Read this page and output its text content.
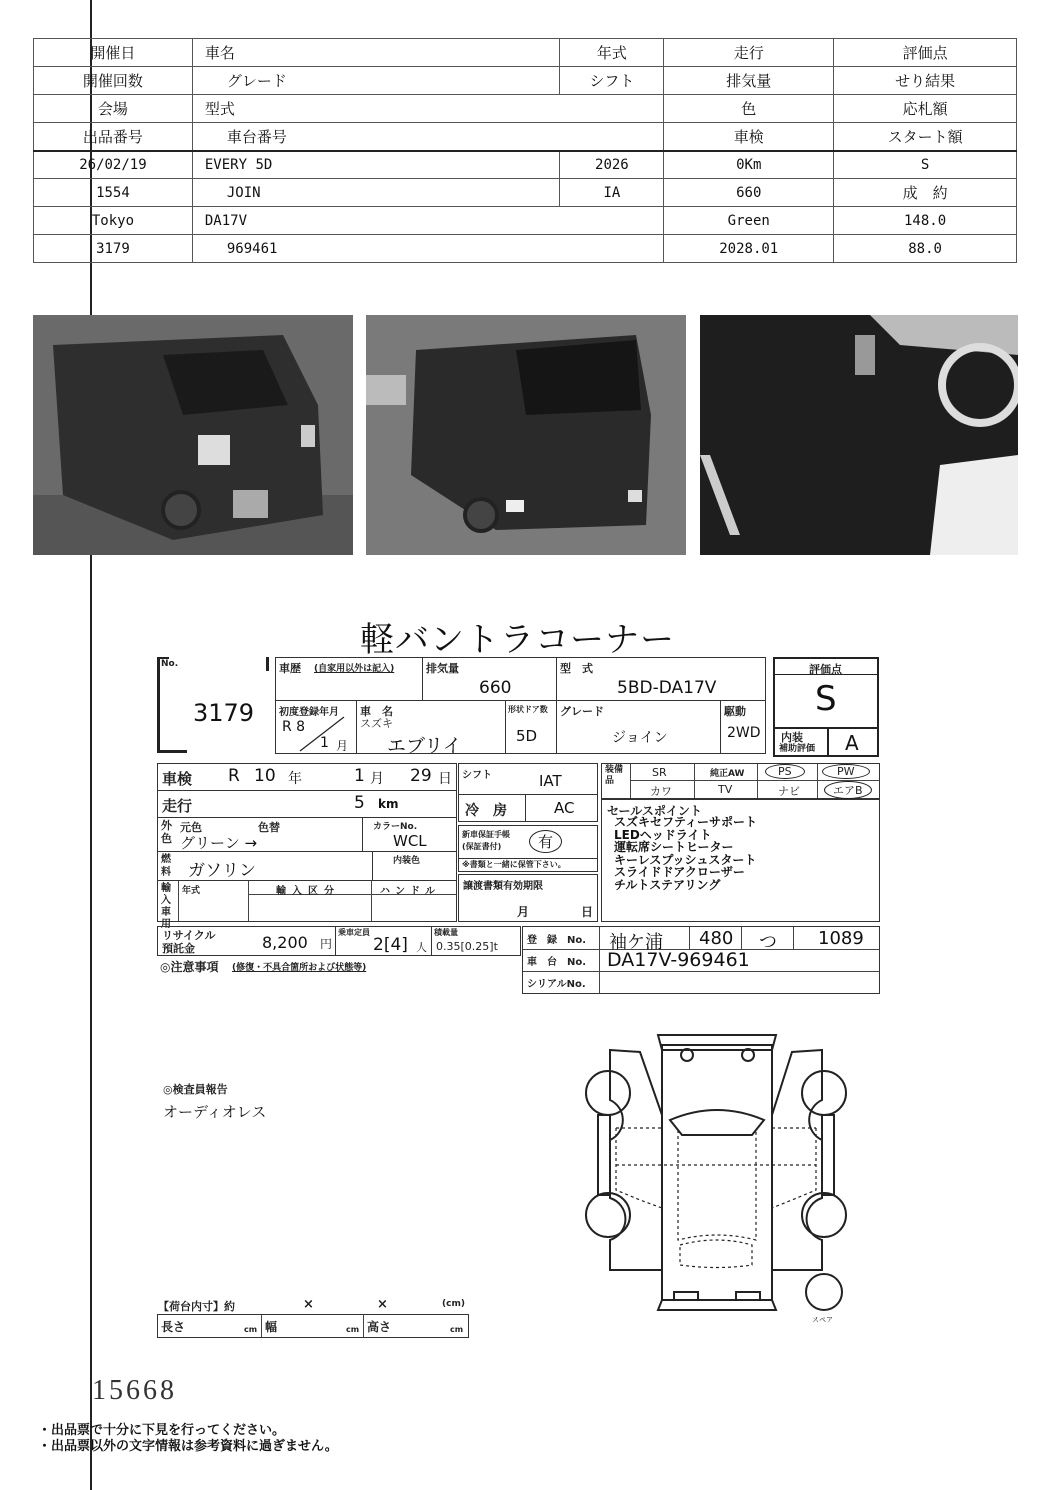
開催日	車名	年式	走行	評価点
開催回数	グレード	シフト	排気量	せり結果
会場	型式		色	応札額
出品番号	車台番号		車検	スタート額
26/02/19	EVERY 5D	2026	0Km	S
1554	JOIN	IA	660	成　約
Tokyo	DA17V		Green	148.0
3179	969461		2028.01	88.0
軽バントラコーナー
No.
3179
車歴 (自家用以外は記入)	排気量
660
型　式
5BD-DA17V
初度登録年月
R 8
1 月
車　名
スズキ
エブリイ
形状ドア数
5D
グレード
ジョイン
駆動
2WD
評価点
S
内装
補助評価 A
車検 R 10 年	1 月 29 日
走行	5 km
外色
元色	色替
グリーン →
カラーNo.
WCL
燃料 ガソリン	内装色
輸入車用
年式	輸入区分	ハンドル
シフト	IAT
冷　房	AC
新車保証手帳
(保証書付)	有
※書類と一緒に保管下さい。
譲渡書類有効期限
月	日
装備品
SR	純正AW	PS	PW
カワ	TV	ナビ	エアB
セールスポイント
スズキセフティーサポート
LEDヘッドライト
運転席シートヒーター
キーレスプッシュスタート
スライドドアクローザー
チルトステアリング
リサイクル
預託金	8,200 円
乗車定員
2[4] 人
積載量
0.35[0.25]t
◎注意事項 (修復・不具合箇所および状態等)
登　録　No. 袖ケ浦 480 つ 1089
車　台　No. DA17V-969461
シリアルNo.
◎検査員報告
オーディオレス
スペア
【荷台内寸】約	×	×	(cm)
長さ	cm 幅	cm 高さ	cm
15668
・出品票で十分に下見を行ってください。
・出品票以外の文字情報は参考資料に過ぎません。
